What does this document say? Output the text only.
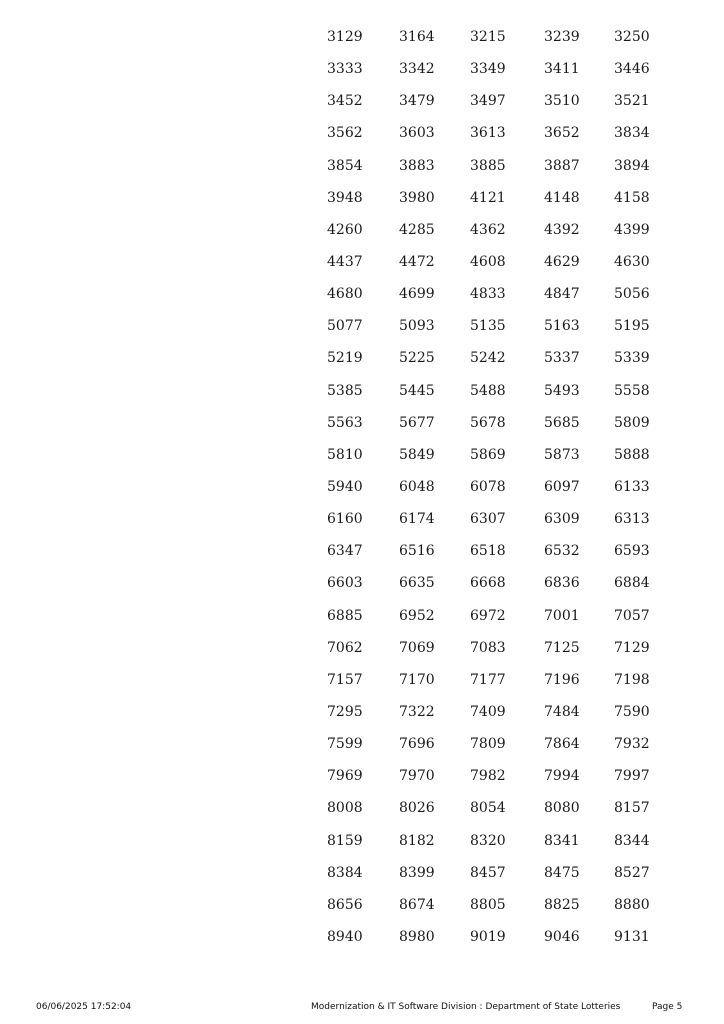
3129	3164	3215	3239 3250
3333	3342	3349	3411 3446
3452	3479	3497	3510 3521
3562	3603	3613	3652 3834
3854	3883	3885	3887 3894
3948	3980	4121	4148 4158
4260	4285	4362	4392 4399
4437	4472	4608	4629 4630
4680	4699	4833	4847 5056
5077	5093	5135	5163 5195
5219	5225	5242	5337 5339
5385	5445	5488	5493 5558
5563	5677	5678	5685 5809
5810	5849	5869	5873 5888
5940	6048	6078	6097 6133
6160	6174	6307	6309 6313
6347	6516	6518	6532 6593
6603	6635	6668	6836 6884
6885	6952	6972	7001 7057
7062	7069	7083	7125 7129
7157	7170	7177	7196 7198
7295	7322	7409	7484 7590
7599	7696	7809	7864 7932
7969	7970	7982	7994 7997
8008	8026	8054	8080 8157
8159	8182	8320	8341 8344
8384	8399	8457	8475 8527
8656	8674	8805	8825 8880
8940	8980	9019	9046 9131
06/06/2025 17:52:04	Modernization & IT Software Division : Department of State Lotteries	Page 5
